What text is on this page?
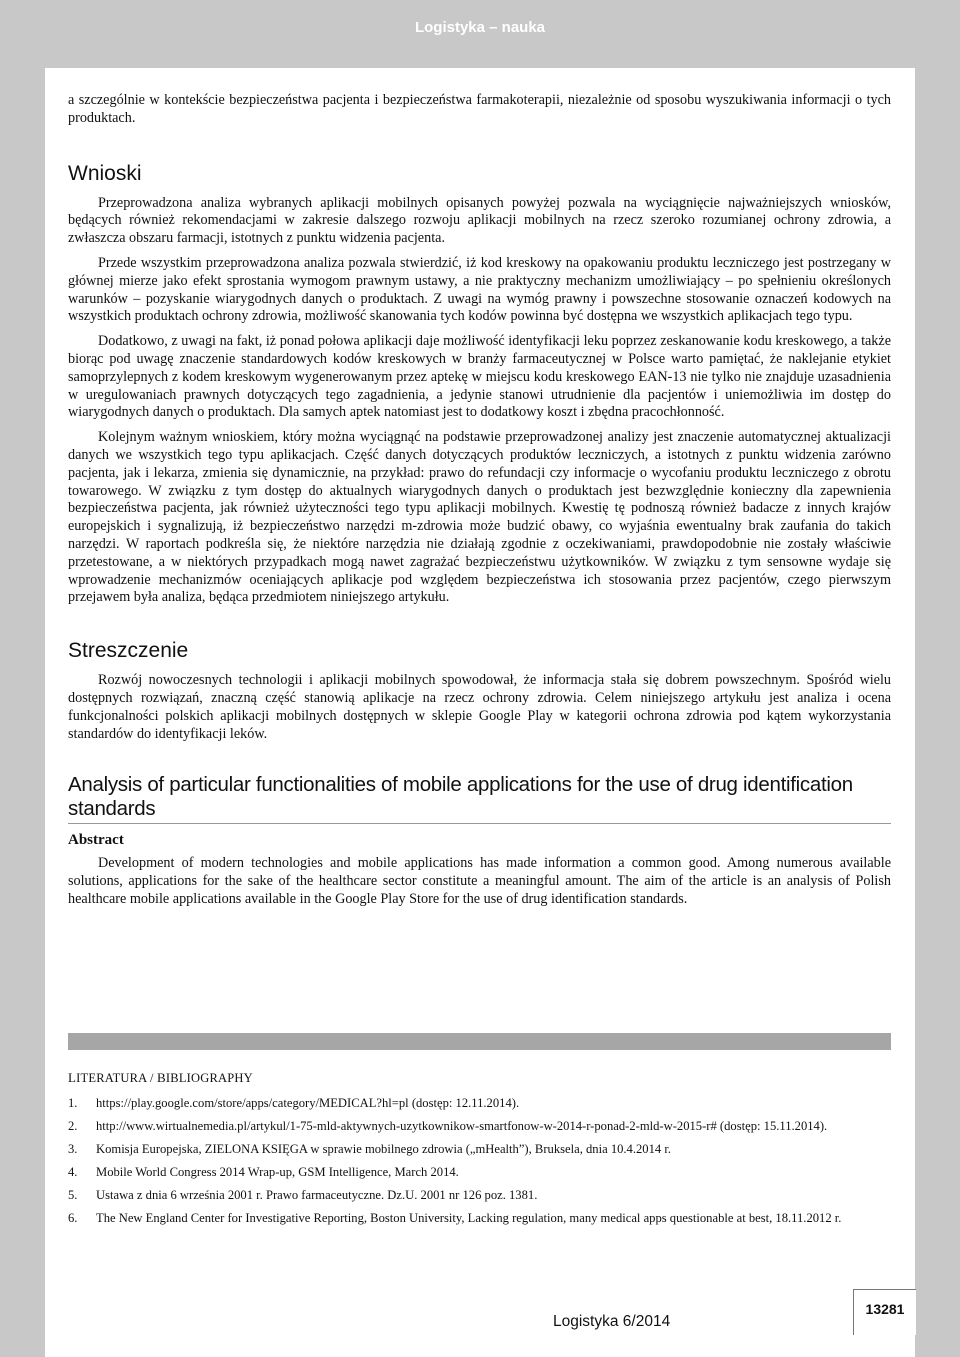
Logistyka – nauka

a szczególnie w kontekście bezpieczeństwa pacjenta i bezpieczeństwa farmakoterapii, niezależnie od sposobu wyszukiwania informacji o tych produktach.

Wnioski

Przeprowadzona analiza wybranych aplikacji mobilnych opisanych powyżej pozwala na wyciągnięcie najważniejszych wniosków, będących również rekomendacjami w zakresie dalszego rozwoju aplikacji mobilnych na rzecz szeroko rozumianej ochrony zdrowia, a zwłaszcza obszaru farmacji, istotnych z punktu widzenia pacjenta.

Przede wszystkim przeprowadzona analiza pozwala stwierdzić, iż kod kreskowy na opakowaniu produktu leczniczego jest postrzegany w głównej mierze jako efekt sprostania wymogom prawnym ustawy, a nie praktyczny mechanizm umożliwiający – po spełnieniu określonych warunków – pozyskanie wiarygodnych danych o produktach. Z uwagi na wymóg prawny i powszechne stosowanie oznaczeń kodowych na wszystkich produktach ochrony zdrowia, możliwość skanowania tych kodów powinna być dostępna we wszystkich aplikacjach tego typu.

Dodatkowo, z uwagi na fakt, iż ponad połowa aplikacji daje możliwość identyfikacji leku poprzez zeskanowanie kodu kreskowego, a także biorąc pod uwagę znaczenie standardowych kodów kreskowych w branży farmaceutycznej w Polsce warto pamiętać, że naklejanie etykiet samoprzylepnych z kodem kreskowym wygenerowanym przez aptekę w miejscu kodu kreskowego EAN-13 nie tylko nie znajduje uzasadnienia w uregulowaniach prawnych dotyczących tego zagadnienia, a jedynie stanowi utrudnienie dla pacjentów i uniemożliwia im dostęp do wiarygodnych danych o produktach. Dla samych aptek natomiast jest to dodatkowy koszt i zbędna pracochłonność.

Kolejnym ważnym wnioskiem, który można wyciągnąć na podstawie przeprowadzonej analizy jest znaczenie automatycznej aktualizacji danych we wszystkich tego typu aplikacjach. Część danych dotyczących produktów leczniczych, a istotnych z punktu widzenia zarówno pacjenta, jak i lekarza, zmienia się dynamicznie, na przykład: prawo do refundacji czy informacje o wycofaniu produktu leczniczego z obrotu towarowego. W związku z tym dostęp do aktualnych wiarygodnych danych o produktach jest bezwzględnie konieczny dla zapewnienia bezpieczeństwa pacjenta, jak również użyteczności tego typu aplikacji mobilnych. Kwestię tę podnoszą również badacze z innych krajów europejskich i sygnalizują, iż bezpieczeństwo narzędzi m-zdrowia może budzić obawy, co wyjaśnia ewentualny brak zaufania do takich narzędzi. W raportach podkreśla się, że niektóre narzędzia nie działają zgodnie z oczekiwaniami, prawdopodobnie nie zostały właściwie przetestowane, a w niektórych przypadkach mogą nawet zagrażać bezpieczeństwu użytkowników. W związku z tym sensowne wydaje się wprowadzenie mechanizmów oceniających aplikacje pod względem bezpieczeństwa ich stosowania przez pacjentów, czego pierwszym przejawem była analiza, będąca przedmiotem niniejszego artykułu.

Streszczenie

Rozwój nowoczesnych technologii i aplikacji mobilnych spowodował, że informacja stała się dobrem powszechnym. Spośród wielu dostępnych rozwiązań, znaczną część stanowią aplikacje na rzecz ochrony zdrowia. Celem niniejszego artykułu jest analiza i ocena funkcjonalności polskich aplikacji mobilnych dostępnych w sklepie Google Play w kategorii ochrona zdrowia pod kątem wykorzystania standardów do identyfikacji leków.

Analysis of particular functionalities of mobile applications for the use of drug identification standards
Abstract

Development of modern technologies and mobile applications has made information a common good. Among numerous available solutions, applications for the sake of the healthcare sector constitute a meaningful amount. The aim of the article is an analysis of Polish healthcare mobile applications available in the Google Play Store for the use of drug identification standards.

LITERATURA / BIBLIOGRAPHY
1. https://play.google.com/store/apps/category/MEDICAL?hl=pl (dostęp: 12.11.2014).
2. http://www.wirtualnemedia.pl/artykul/1-75-mld-aktywnych-uzytkownikow-smartfonow-w-2014-r-ponad-2-mld-w-2015-r# (dostęp: 15.11.2014).
3. Komisja Europejska, ZIELONA KSIĘGA w sprawie mobilnego zdrowia („mHealth”), Bruksela, dnia 10.4.2014 r.
4. Mobile World Congress 2014 Wrap-up, GSM Intelligence, March 2014.
5. Ustawa z dnia 6 września 2001 r. Prawo farmaceutyczne. Dz.U. 2001 nr 126 poz. 1381.
6. The New England Center for Investigative Reporting, Boston University, Lacking regulation, many medical apps questionable at best, 18.11.2012 r.
Logistyka 6/2014
13281
